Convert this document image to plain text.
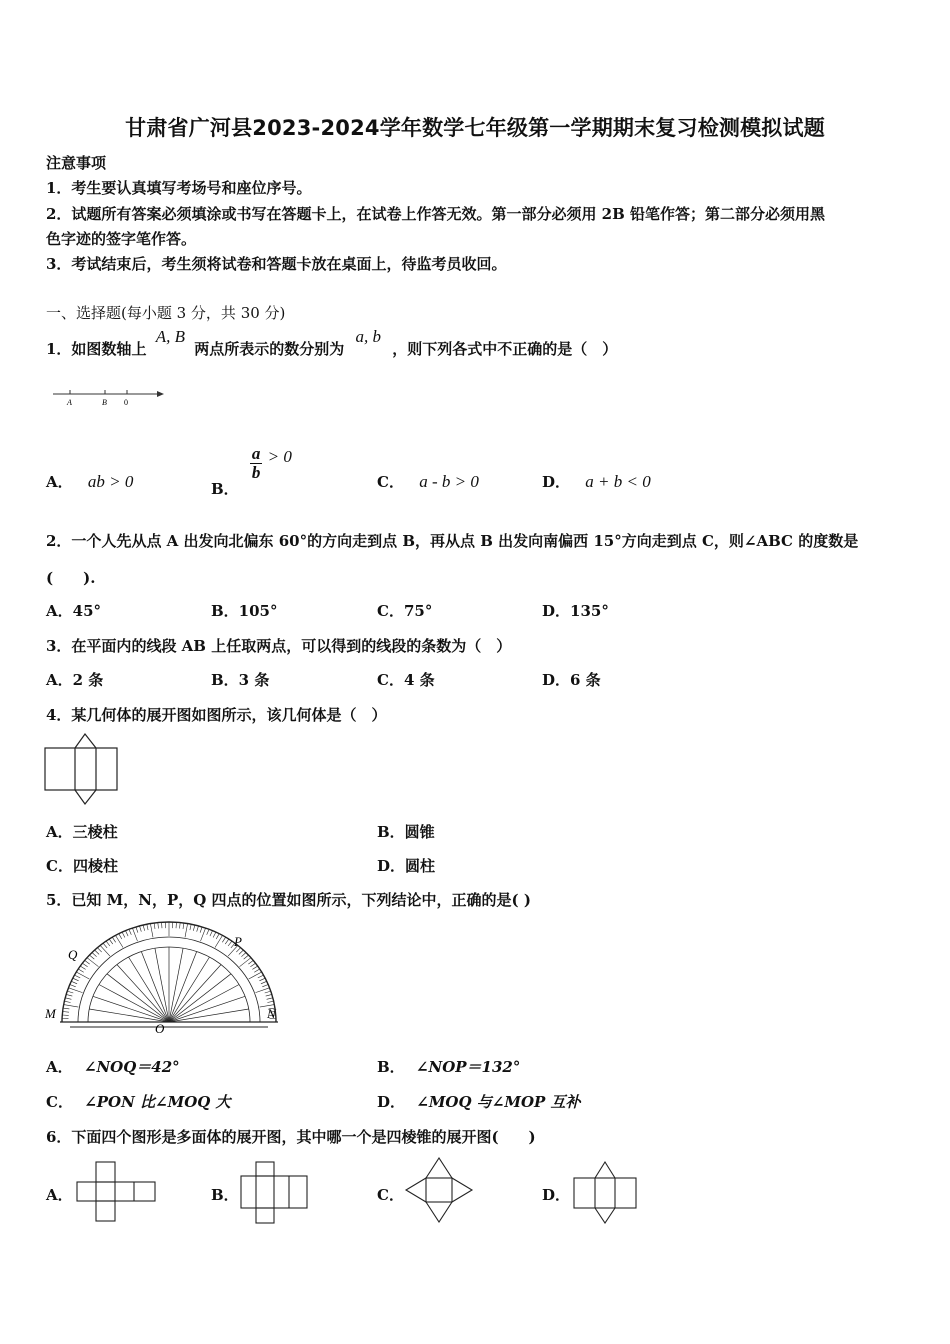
甘肃省广河县2023-2024学年数学七年级第一学期期末复习检测模拟试题
注意事项
1．考生要认真填写考场号和座位序号。
2．试题所有答案必须填涂或书写在答题卡上，在试卷上作答无效。第一部分必须用 2B 铅笔作答；第二部分必须用黑
色字迹的签字笔作答。
3．考试结束后，考生须将试卷和答题卡放在桌面上，待监考员收回。
一、选择题(每小题 3 分，共 30 分)
1．如图数轴上 A, B 两点所表示的数分别为 a, b ，则下列各式中不正确的是（　）
A	B 0
A． ab > 0	B．
$\frac{a}{b} > 0$
C． a - b > 0	D． a + b < 0
2．一个人先从点 A 出发向北偏东 60°的方向走到点 B，再从点 B 出发向南偏西 15°方向走到点 C，则∠ABC 的度数是
(　　).
A．45°	B．105°	C．75°	D．135°
3．在平面内的线段 AB 上任取两点，可以得到的线段的条数为（　）
A．2 条	B．3 条	C．4 条	D．6 条
4．某几何体的展开图如图所示，该几何体是（　）
A．三棱柱	B．圆锥
C．四棱柱	D．圆柱
5．已知 M，N，P，Q 四点的位置如图所示，下列结论中，正确的是( )
M	N
P
Q
O
A． ∠NOQ＝42°	B． ∠NOP＝132°
C． ∠PON 比∠MOQ 大	D． ∠MOQ 与∠MOP 互补
6．下面四个图形是多面体的展开图，其中哪一个是四棱锥的展开图(　　)
A．	B．	C．	D．
